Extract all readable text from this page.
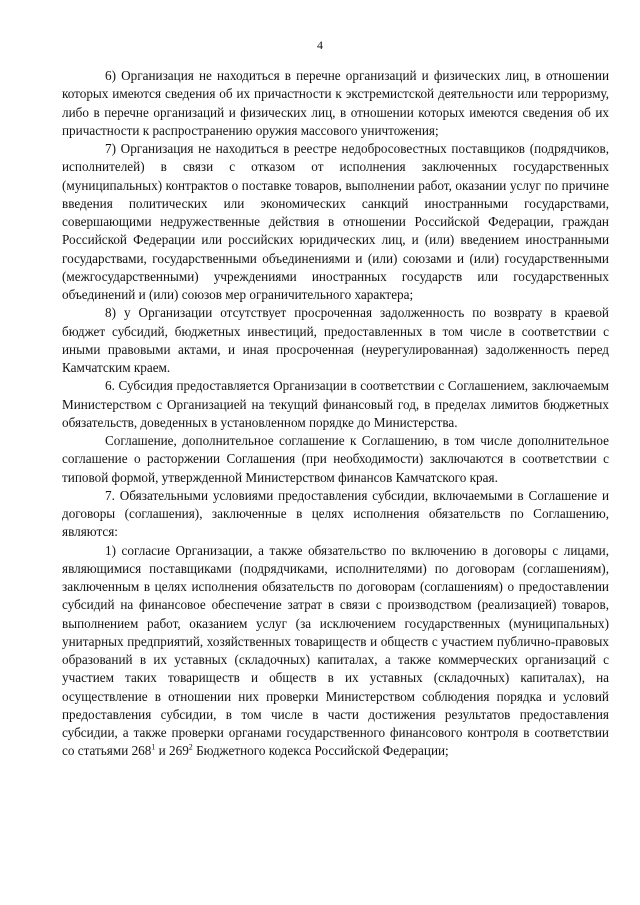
4

6) Организация не находиться в перечне организаций и физических лиц, в отношении которых имеются сведения об их причастности к экстремистской деятельности или терроризму, либо в перечне организаций и физических лиц, в отношении которых имеются сведения об их причастности к распространению оружия массового уничтожения;

7) Организация не находиться в реестре недобросовестных поставщиков (подрядчиков, исполнителей) в связи с отказом от исполнения заключенных государственных (муниципальных) контрактов о поставке товаров, выполнении работ, оказании услуг по причине введения политических или экономических санкций иностранными государствами, совершающими недружественные действия в отношении Российской Федерации, граждан Российской Федерации или российских юридических лиц, и (или) введением иностранными государствами, государственными объединениями и (или) союзами и (или) государственными (межгосударственными) учреждениями иностранных государств или государственных объединений и (или) союзов мер ограничительного характера;

8) у Организации отсутствует просроченная задолженность по возврату в краевой бюджет субсидий, бюджетных инвестиций, предоставленных в том числе в соответствии с иными правовыми актами, и иная просроченная (неурегулированная) задолженность перед Камчатским краем.

6. Субсидия предоставляется Организации в соответствии с Соглашением, заключаемым Министерством с Организацией на текущий финансовый год, в пределах лимитов бюджетных обязательств, доведенных в установленном порядке до Министерства.

Соглашение, дополнительное соглашение к Соглашению, в том числе дополнительное соглашение о расторжении Соглашения (при необходимости) заключаются в соответствии с типовой формой, утвержденной Министерством финансов Камчатского края.

7. Обязательными условиями предоставления субсидии, включаемыми в Соглашение и договоры (соглашения), заключенные в целях исполнения обязательств по Соглашению, являются:

1) согласие Организации, а также обязательство по включению в договоры с лицами, являющимися поставщиками (подрядчиками, исполнителями) по договорам (соглашениям), заключенным в целях исполнения обязательств по договорам (соглашениям) о предоставлении субсидий на финансовое обеспечение затрат в связи с производством (реализацией) товаров, выполнением работ, оказанием услуг (за исключением государственных (муниципальных) унитарных предприятий, хозяйственных товариществ и обществ с участием публично-правовых образований в их уставных (складочных) капиталах, а также коммерческих организаций с участием таких товариществ и обществ в их уставных (складочных) капиталах), на осуществление в отношении них проверки Министерством соблюдения порядка и условий предоставления субсидии, в том числе в части достижения результатов предоставления субсидии, а также проверки органами государственного финансового контроля в соответствии со статьями $268^1$ и $269^2$ Бюджетного кодекса Российской Федерации;
